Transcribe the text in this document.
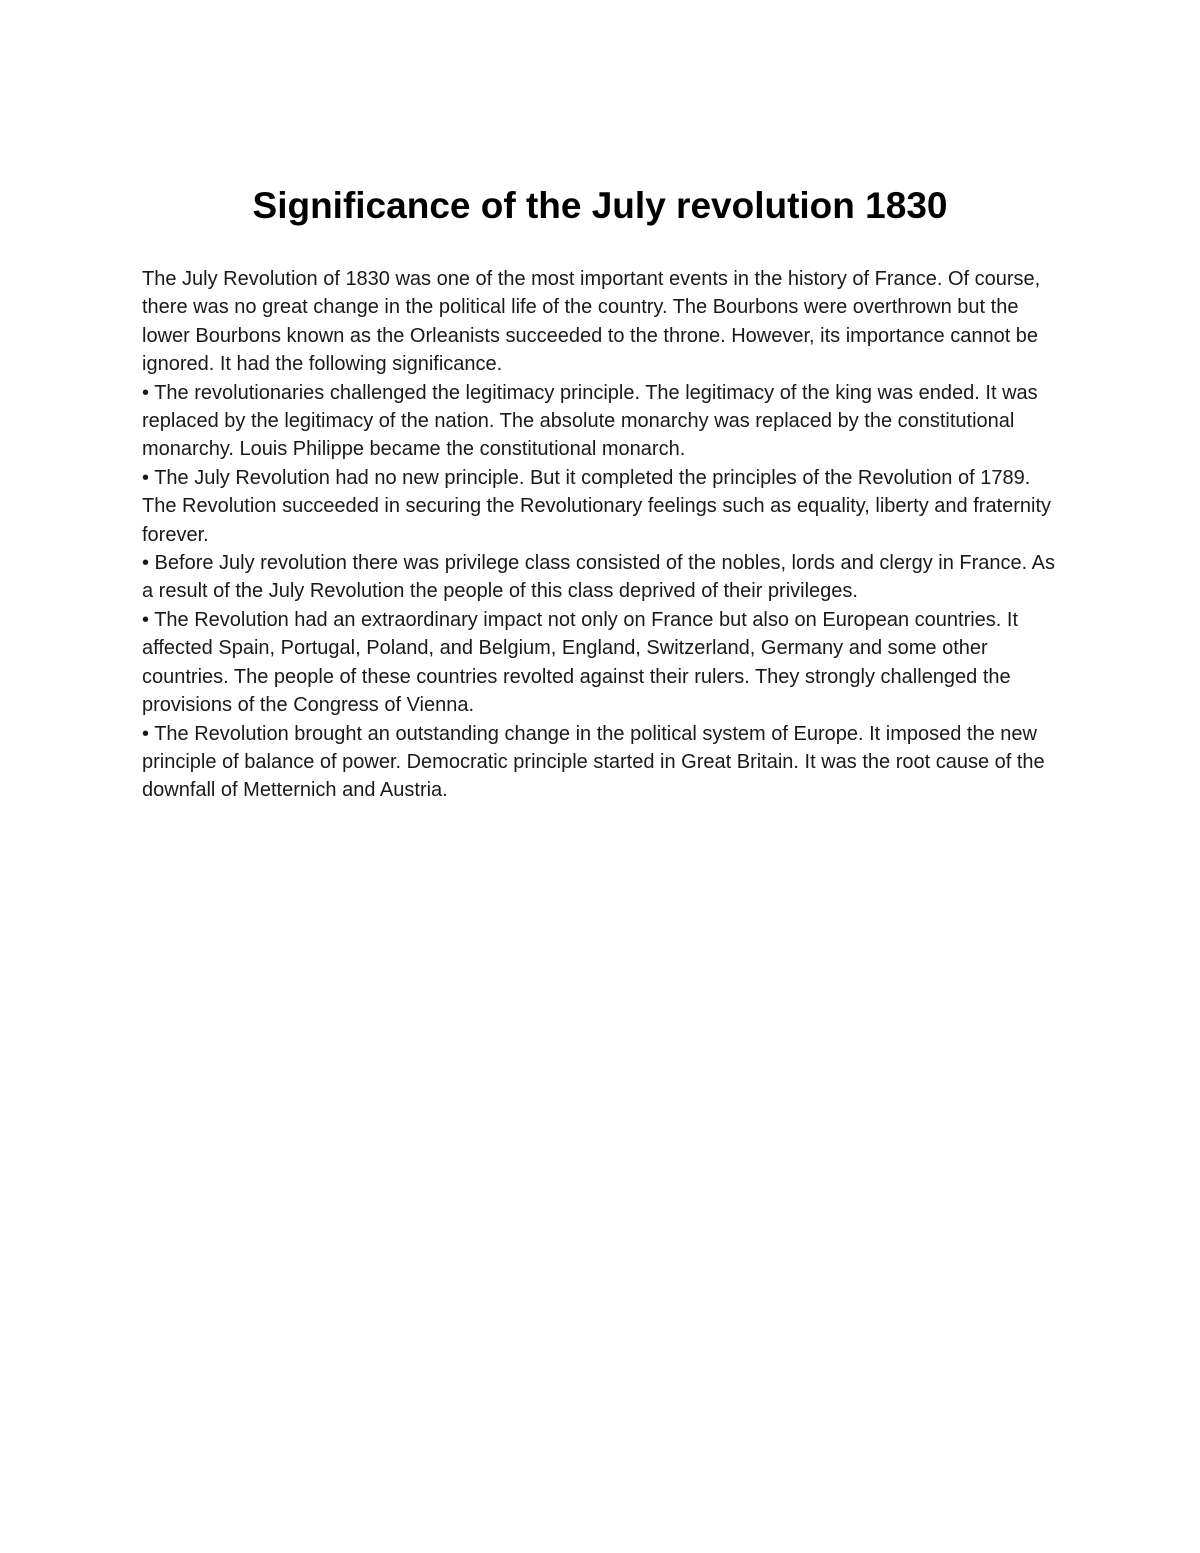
Significance of the July revolution 1830

The July Revolution of 1830 was one of the most important events in the history of France. Of course, there was no great change in the political life of the country. The Bourbons were overthrown but the lower Bourbons known as the Orleanists succeeded to the throne. However, its importance cannot be ignored. It had the following significance.

• The revolutionaries challenged the legitimacy principle. The legitimacy of the king was ended. It was replaced by the legitimacy of the nation. The absolute monarchy was replaced by the constitutional monarchy. Louis Philippe became the constitutional monarch.

• The July Revolution had no new principle. But it completed the principles of the Revolution of 1789. The Revolution succeeded in securing the Revolutionary feelings such as equality, liberty and fraternity forever.

• Before July revolution there was privilege class consisted of the nobles, lords and clergy in France. As a result of the July Revolution the people of this class deprived of their privileges.

• The Revolution had an extraordinary impact not only on France but also on European countries. It affected Spain, Portugal, Poland, and Belgium, England, Switzerland, Germany and some other countries. The people of these countries revolted against their rulers. They strongly challenged the provisions of the Congress of Vienna.

• The Revolution brought an outstanding change in the political system of Europe. It imposed the new principle of balance of power. Democratic principle started in Great Britain. It was the root cause of the downfall of Metternich and Austria.
